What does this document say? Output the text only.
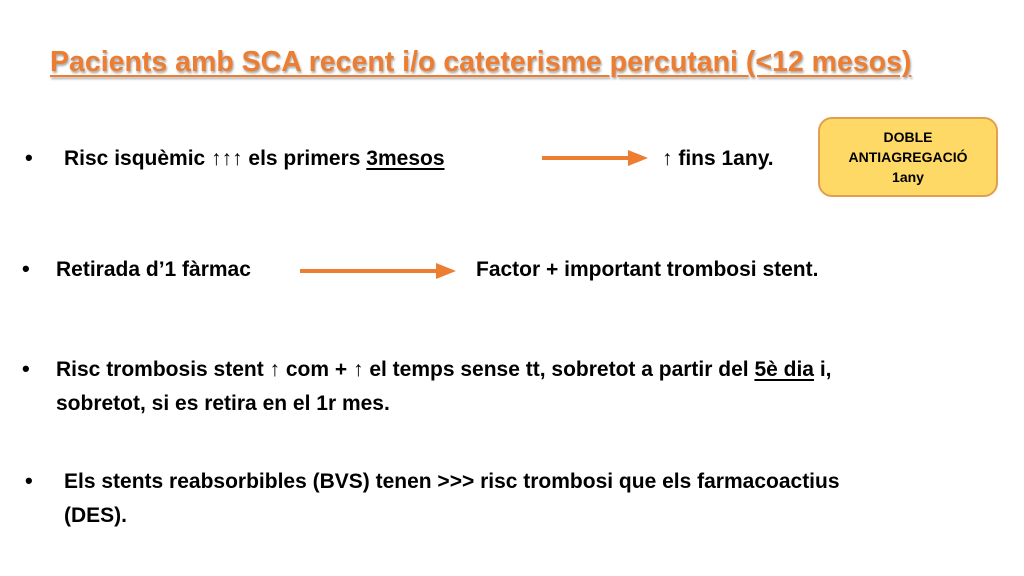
Pacients amb SCA recent i/o cateterisme percutani (<12 mesos)
• Risc isquèmic ↑↑↑ els primers 3mesos	↑ fins 1any.
DOBLE
ANTIAGREGACIÓ
1any
• Retirada d’1 fàrmac	Factor + important trombosi stent.
• Risc trombosis stent ↑ com + ↑ el temps sense tt, sobretot a partir del 5è dia i,
sobretot, si es retira en el 1r mes.
• Els stents reabsorbibles (BVS) tenen >>> risc trombosi que els farmacoactius
(DES).
